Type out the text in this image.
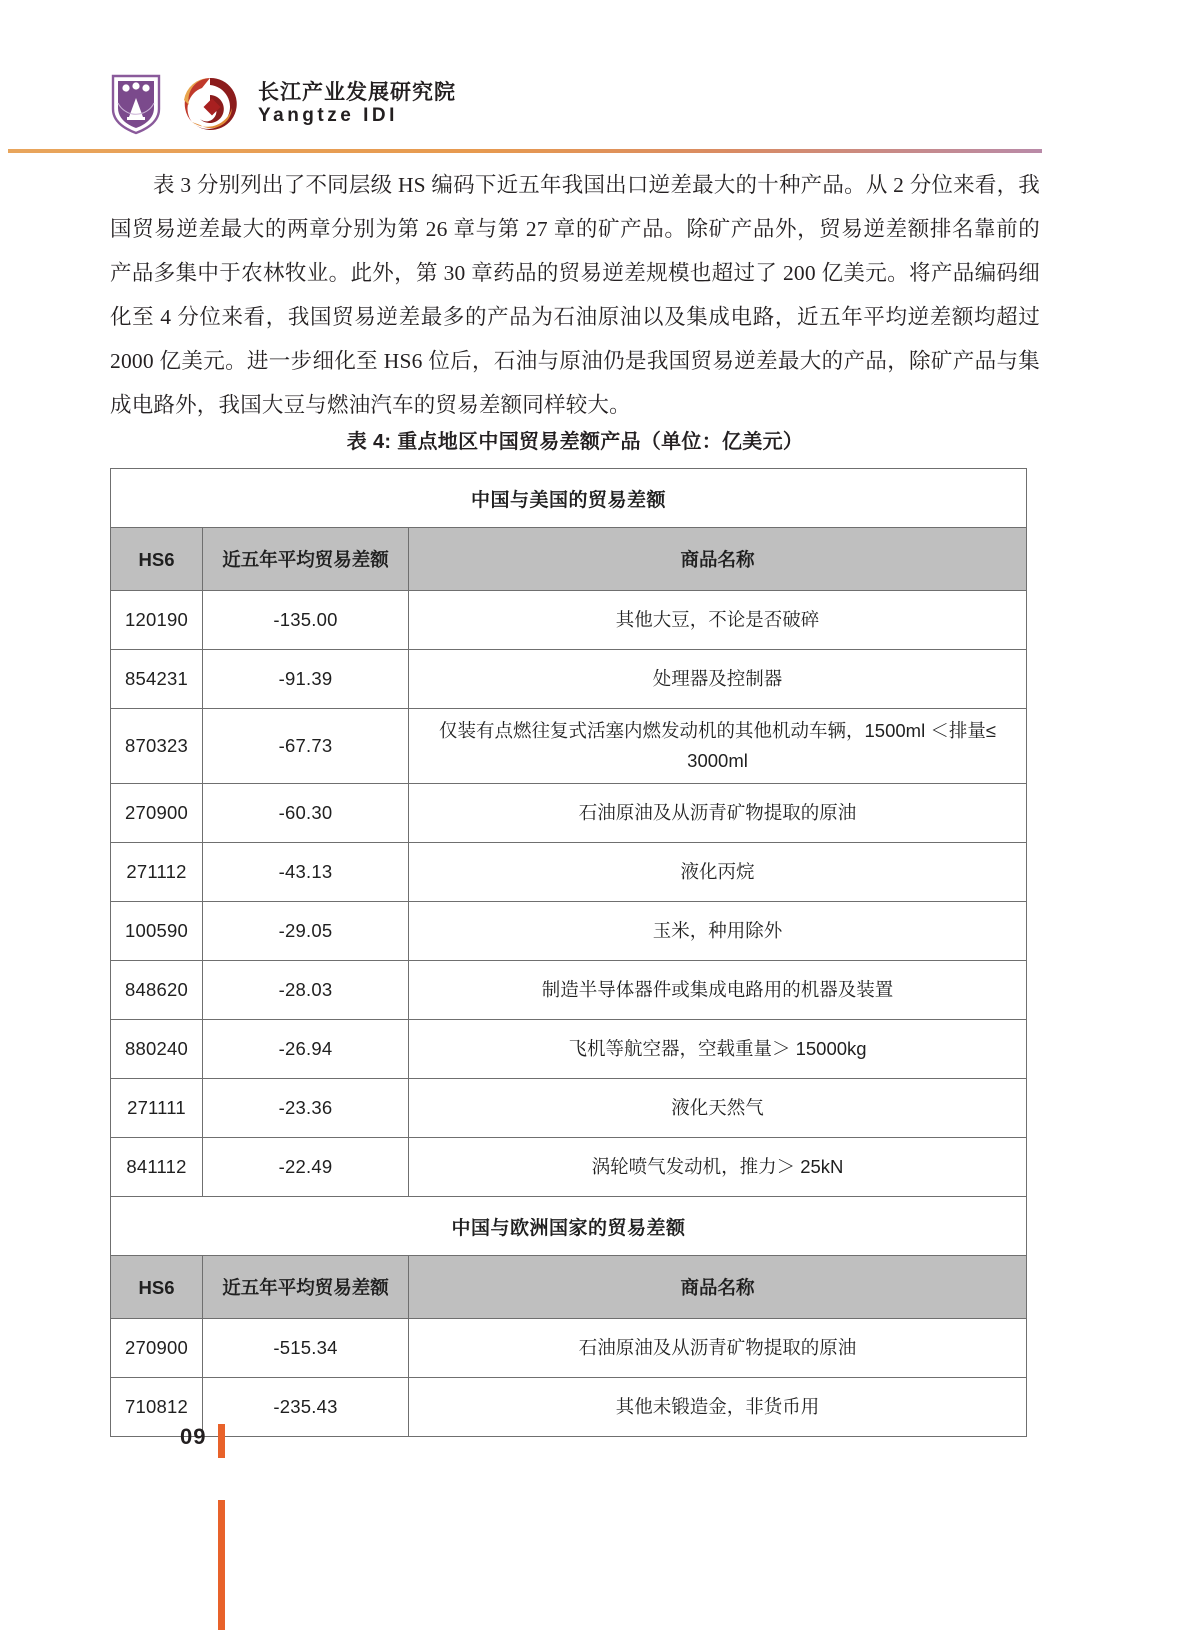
长江产业发展研究院
Yangtze IDI
表 3 分别列出了不同层级 HS 编码下近五年我国出口逆差最大的十种产品。从 2 分位来看，我国贸易逆差最大的两章分别为第 26 章与第 27 章的矿产品。除矿产品外，贸易逆差额排名靠前的产品多集中于农林牧业。此外，第 30 章药品的贸易逆差规模也超过了 200 亿美元。将产品编码细化至 4 分位来看，我国贸易逆差最多的产品为石油原油以及集成电路，近五年平均逆差额均超过 2000 亿美元。进一步细化至 HS6 位后，石油与原油仍是我国贸易逆差最大的产品，除矿产品与集成电路外，我国大豆与燃油汽车的贸易差额同样较大。
表 4: 重点地区中国贸易差额产品（单位：亿美元）
中国与美国的贸易差额		
HS6	近五年平均贸易差额	商品名称
120190	-135.00	其他大豆，不论是否破碎
854231	-91.39	处理器及控制器
870323	-67.73	仅装有点燃往复式活塞内燃发动机的其他机动车辆，1500ml ＜排量≤ 3000ml
270900	-60.30	石油原油及从沥青矿物提取的原油
271112	-43.13	液化丙烷
100590	-29.05	玉米，种用除外
848620	-28.03	制造半导体器件或集成电路用的机器及装置
880240	-26.94	飞机等航空器，空载重量＞ 15000kg
271111	-23.36	液化天然气
841112	-22.49	涡轮喷气发动机，推力＞ 25kN
中国与欧洲国家的贸易差额		
HS6	近五年平均贸易差额	商品名称
270900	-515.34	石油原油及从沥青矿物提取的原油
710812	-235.43	其他未锻造金，非货币用
09
